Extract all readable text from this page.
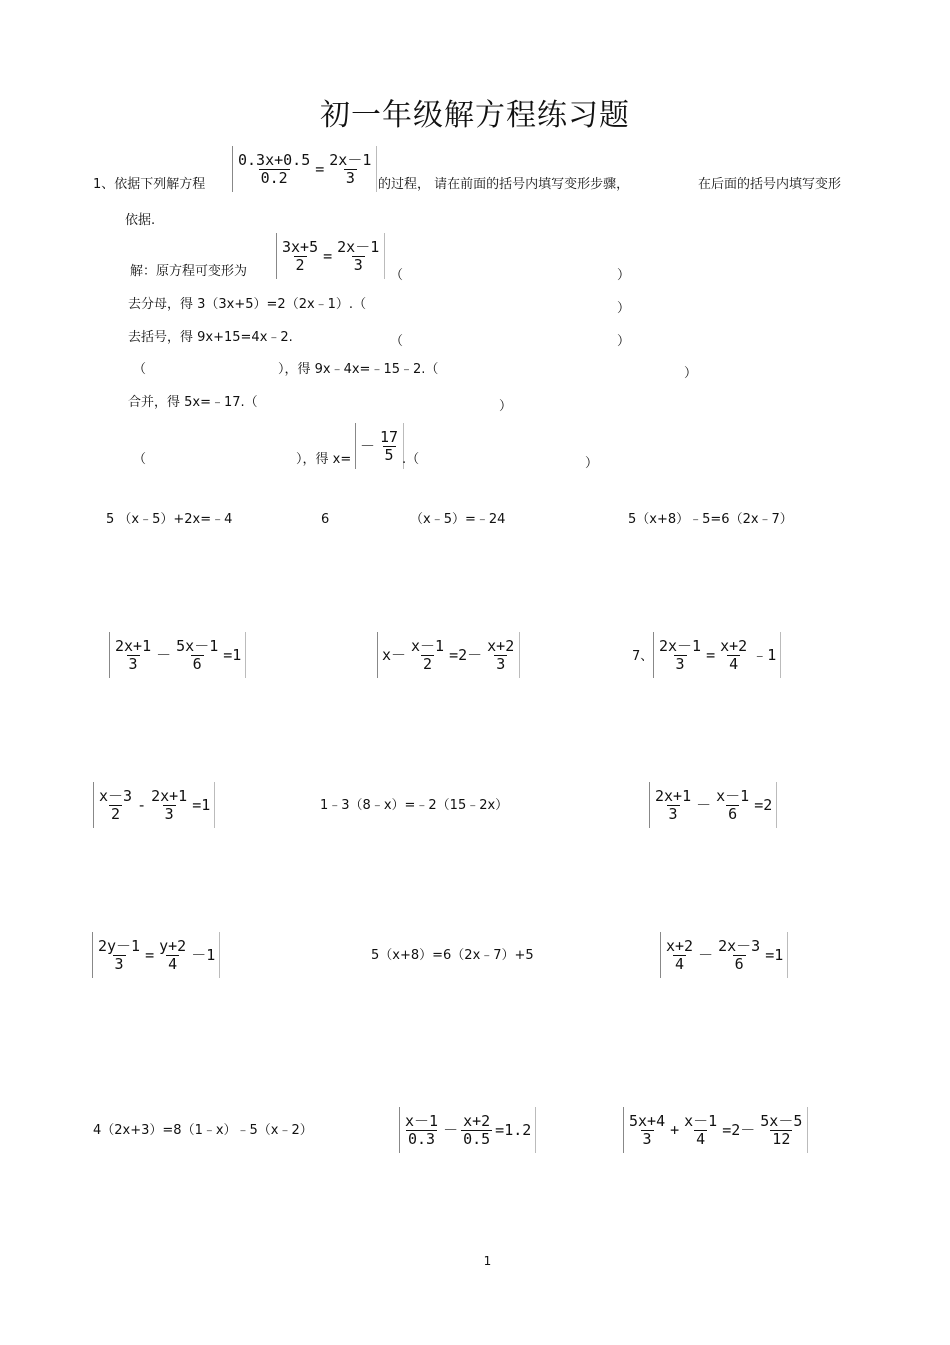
初一年级解方程练习题
1、依据下列解方程 $\frac{0.3x+0.5}{0.2} = \frac{2x-1}{3}$ 的过程， 请在前面的括号内填写变形步骤，	在后面的括号内填写变形
依据.
解：原方程可变形为 $\frac{3x+5}{2} = \frac{2x-1}{3}$
（	）
去分母，得 3（3x+5）=2（2x﹣1）.（	）
去括号，得 9x+15=4x﹣2.	（	）
（	），得 9x﹣4x=﹣15﹣2.（	）
合并，得 5x=﹣17.（	）
（	），得 x=
－ $\frac{17}{5}$ .（	）
5 （x﹣5）+2x=﹣4	6	（x﹣5）=﹣24	5（x+8）﹣5=6（2x﹣7）
$\frac{2x+1}{3} - \frac{5x-1}{6} =1$	$x- \frac{x-1}{2} =2- \frac{x+2}{3}$	7、 $\frac{2x-1}{3} = \frac{x+2}{4}$ ﹣1
$\frac{x-3}{2} - \frac{2x+1}{3} =1$	1﹣3（8﹣x）=﹣2（15﹣2x）	$\frac{2x+1}{3} - \frac{x-1}{6} =2$
$\frac{2y-1}{3} = \frac{y+2}{4} -1$	5（x+8）=6（2x﹣7）+5	$\frac{x+2}{4} - \frac{2x-3}{6} =1$
4（2x+3）=8（1﹣x）﹣5（x﹣2）	$\frac{x-1}{0.3} - \frac{x+2}{0.5} =1.2$	$\frac{5x+4}{3} + \frac{x-1}{4} =2- \frac{5x-5}{12}$
1
